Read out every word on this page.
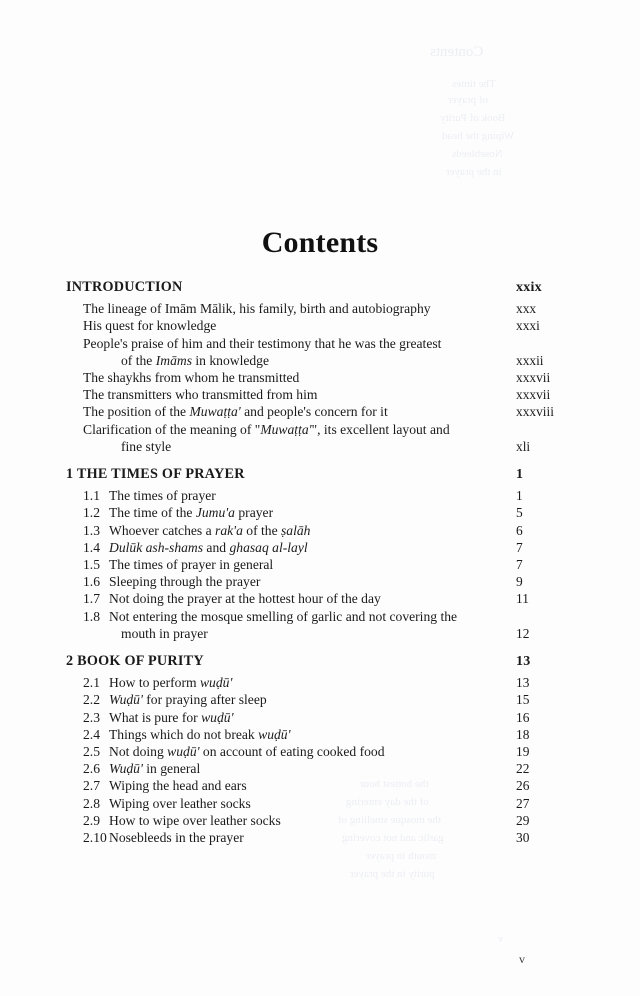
Contents
The times
of prayer
Book of Purity
Wiping the head
Nosebleeds
in the prayer
the hottest hour
of the day entering
the mosque smelling of
garlic and not covering
mouth in prayer
purity in the prayer
v
Contents
INTRODUCTION	xxix
The lineage of Imām Mālik, his family, birth and autobiography	xxx
His quest for knowledge	xxxi
People's praise of him and their testimony that he was the greatest
of the Imāms in knowledge	xxxii
The shaykhs from whom he transmitted	xxxvii
The transmitters who transmitted from him	xxxvii
The position of the Muwaṭṭa' and people's concern for it	xxxviii
Clarification of the meaning of "Muwaṭṭa'", its excellent layout and
fine style	xli
1 THE TIMES OF PRAYER	1
1.1 The times of prayer	1
1.2 The time of the Jumu'a prayer	5
1.3 Whoever catches a rak'a of the ṣalāh	6
1.4 Dulūk ash-shams and ghasaq al-layl	7
1.5 The times of prayer in general	7
1.6 Sleeping through the prayer	9
1.7 Not doing the prayer at the hottest hour of the day	11
1.8 Not entering the mosque smelling of garlic and not covering the
mouth in prayer	12
2 BOOK OF PURITY	13
2.1 How to perform wuḍū'	13
2.2 Wuḍū' for praying after sleep	15
2.3 What is pure for wuḍū'	16
2.4 Things which do not break wuḍū'	18
2.5 Not doing wuḍū' on account of eating cooked food	19
2.6 Wuḍū' in general	22
2.7 Wiping the head and ears	26
2.8 Wiping over leather socks	27
2.9 How to wipe over leather socks	29
2.10 Nosebleeds in the prayer	30
v
